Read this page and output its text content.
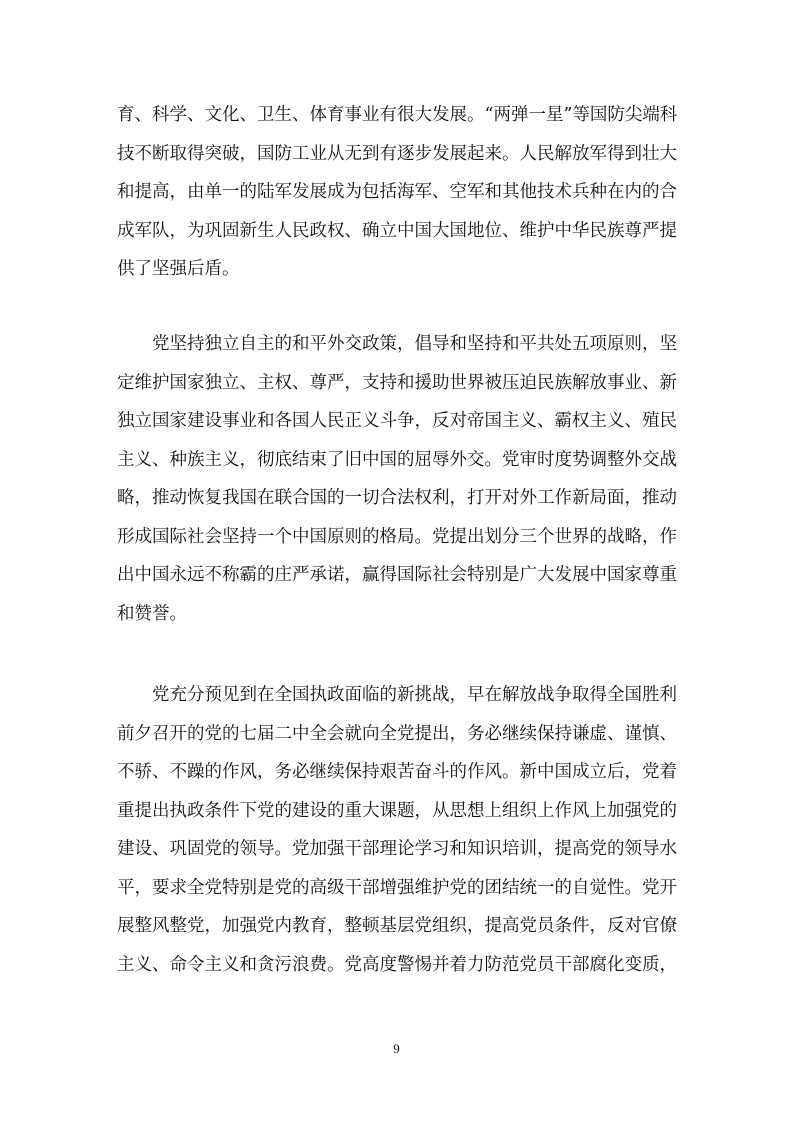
育、科学、文化、卫生、体育事业有很大发展。“两弹一星”等国防尖端科
技不断取得突破，国防工业从无到有逐步发展起来。人民解放军得到壮大
和提高，由单一的陆军发展成为包括海军、空军和其他技术兵种在内的合
成军队，为巩固新生人民政权、确立中国大国地位、维护中华民族尊严提
供了坚强后盾。
党坚持独立自主的和平外交政策，倡导和坚持和平共处五项原则，坚
定维护国家独立、主权、尊严，支持和援助世界被压迫民族解放事业、新
独立国家建设事业和各国人民正义斗争，反对帝国主义、霸权主义、殖民
主义、种族主义，彻底结束了旧中国的屈辱外交。党审时度势调整外交战
略，推动恢复我国在联合国的一切合法权利，打开对外工作新局面，推动
形成国际社会坚持一个中国原则的格局。党提出划分三个世界的战略，作
出中国永远不称霸的庄严承诺，赢得国际社会特别是广大发展中国家尊重
和赞誉。
党充分预见到在全国执政面临的新挑战，早在解放战争取得全国胜利
前夕召开的党的七届二中全会就向全党提出，务必继续保持谦虚、谨慎、
不骄、不躁的作风，务必继续保持艰苦奋斗的作风。新中国成立后，党着
重提出执政条件下党的建设的重大课题，从思想上组织上作风上加强党的
建设、巩固党的领导。党加强干部理论学习和知识培训，提高党的领导水
平，要求全党特别是党的高级干部增强维护党的团结统一的自觉性。党开
展整风整党，加强党内教育，整顿基层党组织，提高党员条件，反对官僚
主义、命令主义和贪污浪费。党高度警惕并着力防范党员干部腐化变质，
9
